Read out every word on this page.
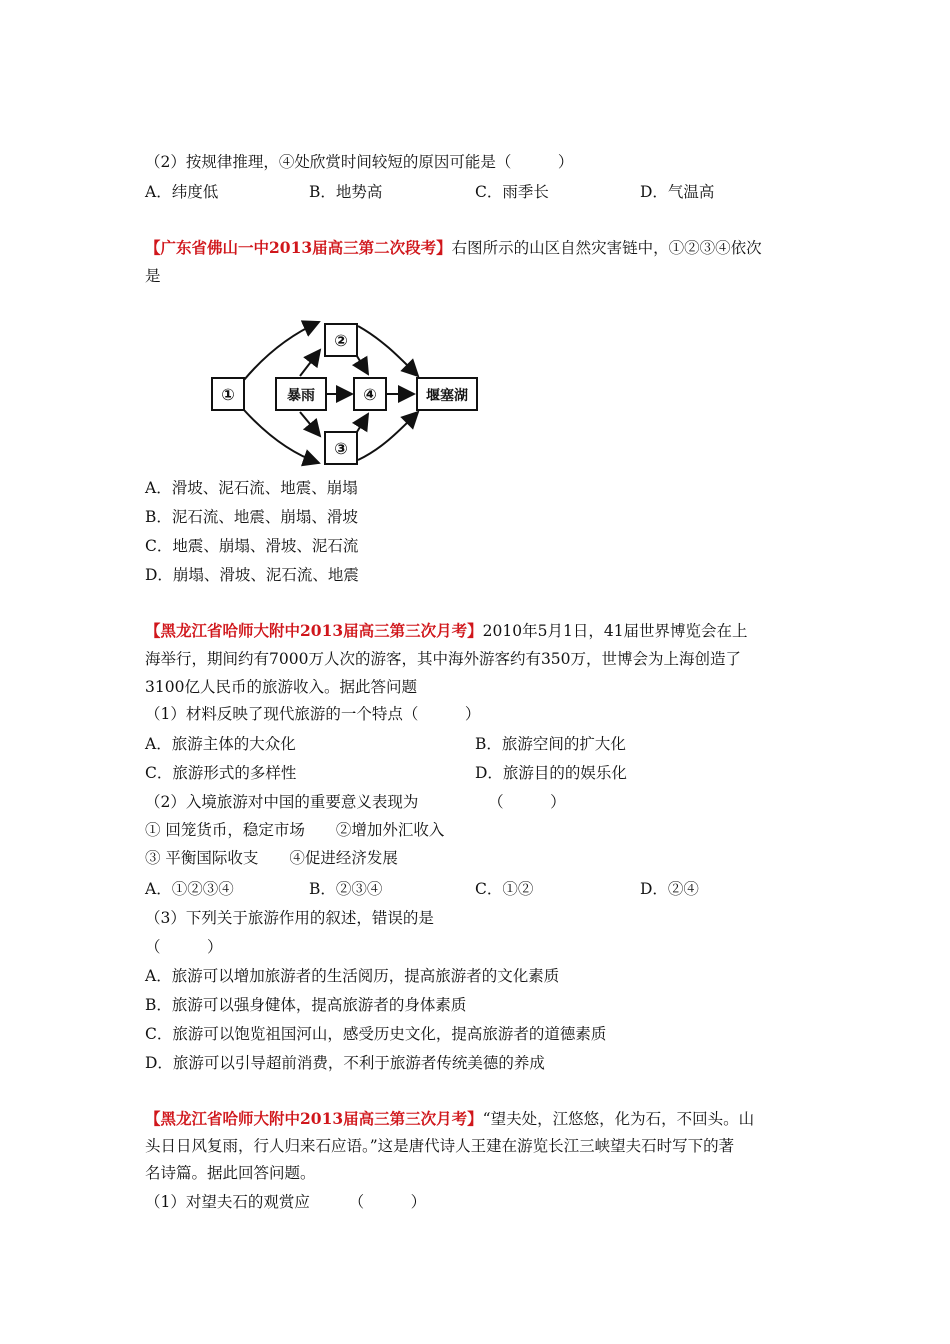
（2）按规律推理，④处欣赏时间较短的原因可能是（　　　）
A．纬度低	B．地势高	C．雨季长	D．气温高
【广东省佛山一中2013届高三第二次段考】右图所示的山区自然灾害链中，①②③④依次
是
①	暴雨	④	堰塞湖
②
③
A．滑坡、泥石流、地震、崩塌
B．泥石流、地震、崩塌、滑坡
C．地震、崩塌、滑坡、泥石流
D．崩塌、滑坡、泥石流、地震
【黑龙江省哈师大附中2013届高三第三次月考】2010年5月1日，41届世界博览会在上
海举行，期间约有7000万人次的游客，其中海外游客约有350万，世博会为上海创造了
3100亿人民币的旅游收入。据此答问题
（1）材料反映了现代旅游的一个特点（　　　）
A．旅游主体的大众化	B．旅游空间的扩大化
C．旅游形式的多样性	D．旅游目的的娱乐化
（2）入境旅游对中国的重要意义表现为　　　　　（　　　）
① 回笼货币，稳定市场　　②增加外汇收入
③ 平衡国际收支　　④促进经济发展
A．①②③④	B．②③④	C．①②	D．②④
（3）下列关于旅游作用的叙述，错误的是
（　　　）
A．旅游可以增加旅游者的生活阅历，提高旅游者的文化素质
B．旅游可以强身健体，提高旅游者的身体素质
C．旅游可以饱览祖国河山，感受历史文化，提高旅游者的道德素质
D．旅游可以引导超前消费，不利于旅游者传统美德的养成
【黑龙江省哈师大附中2013届高三第三次月考】“望夫处，江悠悠，化为石，不回头。山
头日日风复雨，行人归来石应语。”这是唐代诗人王建在游览长江三峡望夫石时写下的著
名诗篇。据此回答问题。
（1）对望夫石的观赏应　　　（　　　）
